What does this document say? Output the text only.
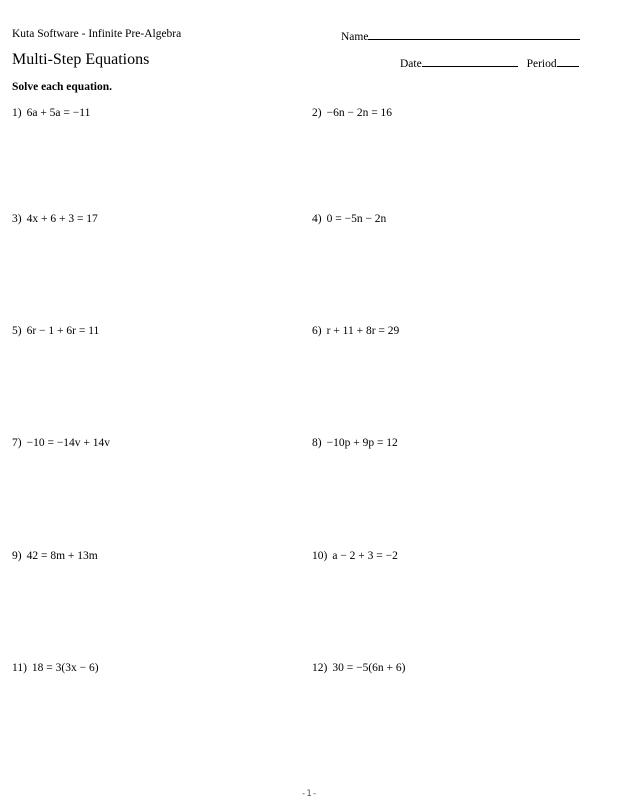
Kuta Software - Infinite Pre-Algebra	Name
Multi-Step Equations	Date	Period
Solve each equation.
1) 6a + 5a = −11	2) −6n − 2n = 16
3) 4x + 6 + 3 = 17	4) 0 = −5n − 2n
5) 6r − 1 + 6r = 11	6) r + 11 + 8r = 29
7) −10 = −14v + 14v	8) −10p + 9p = 12
9) 42 = 8m + 13m	10) a − 2 + 3 = −2
11) 18 = 3(3x − 6)	12) 30 = −5(6n + 6)
-1-
